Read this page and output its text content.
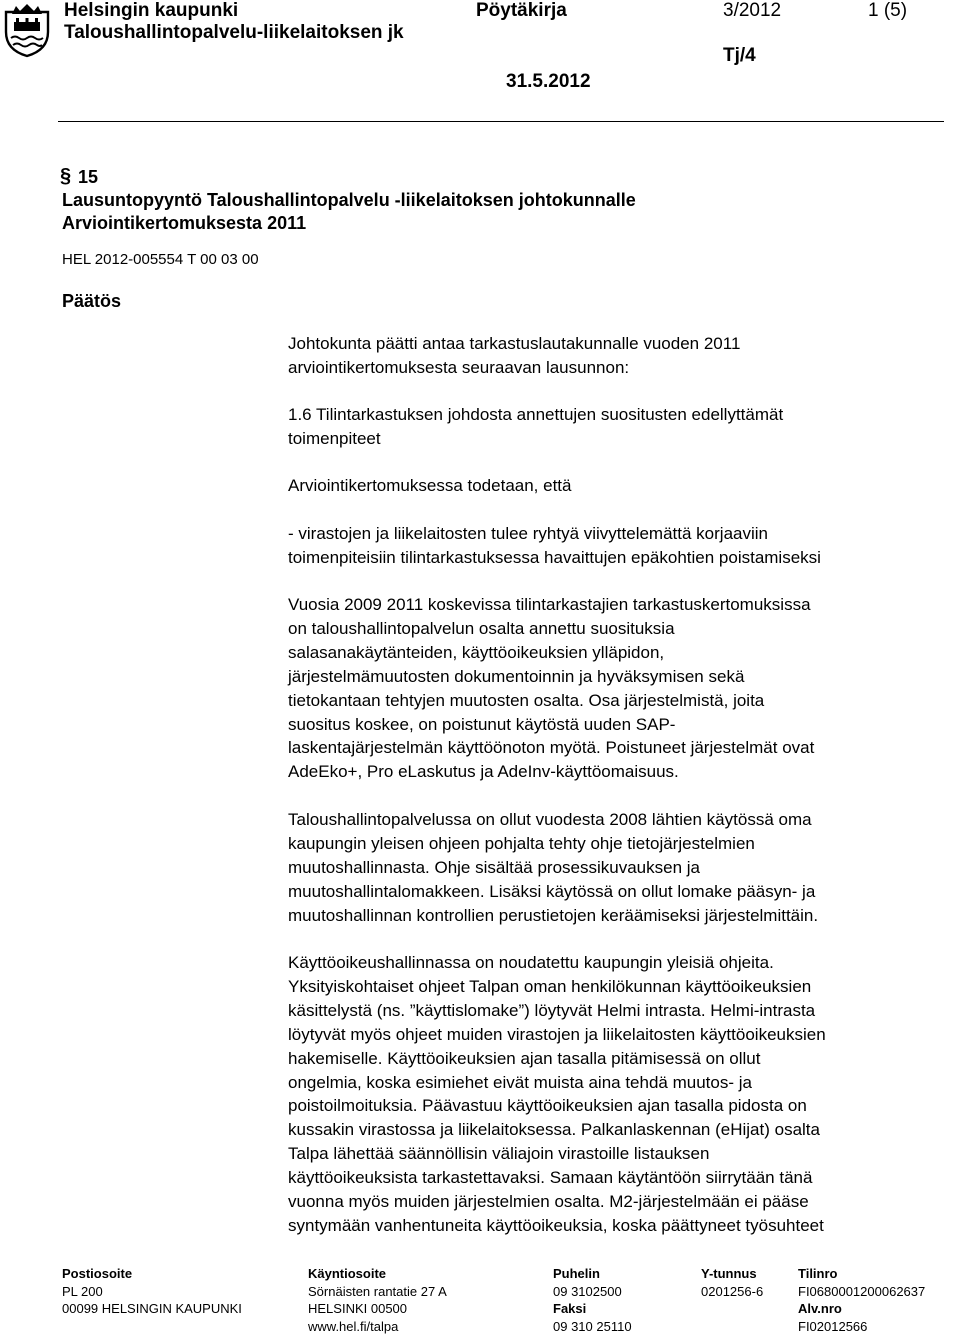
Helsingin kaupunki
Taloushallintopalvelu-liikelaitoksen jk
Pöytäkirja	3/2012	1 (5)
Tj/4
31.5.2012
§ 15
Lausuntopyyntö Taloushallintopalvelu -liikelaitoksen johtokunnalle
Arviointikertomuksesta 2011
HEL 2012-005554 T 00 03 00
Päätös
Johtokunta päätti antaa tarkastuslautakunnalle vuoden 2011
arviointikertomuksesta seuraavan lausunnon:
1.6 Tilintarkastuksen johdosta annettujen suositusten edellyttämät
toimenpiteet
Arviointikertomuksessa todetaan, että
- virastojen ja liikelaitosten tulee ryhtyä viivyttelemättä korjaaviin
toimenpiteisiin tilintarkastuksessa havaittujen epäkohtien poistamiseksi
Vuosia 2009 2011 koskevissa tilintarkastajien tarkastuskertomuksissa
on taloushallintopalvelun osalta annettu suosituksia
salasanakäytänteiden, käyttöoikeuksien ylläpidon,
järjestelmämuutosten dokumentoinnin ja hyväksymisen sekä
tietokantaan tehtyjen muutosten osalta. Osa järjestelmistä, joita
suositus koskee, on poistunut käytöstä uuden SAP-
laskentajärjestelmän käyttöönoton myötä. Poistuneet järjestelmät ovat
AdeEko+, Pro eLaskutus ja AdeInv-käyttöomaisuus.
Taloushallintopalvelussa on ollut vuodesta 2008 lähtien käytössä oma
kaupungin yleisen ohjeen pohjalta tehty ohje tietojärjestelmien
muutoshallinnasta. Ohje sisältää prosessikuvauksen ja
muutoshallintalomakkeen. Lisäksi käytössä on ollut lomake pääsyn- ja
muutoshallinnan kontrollien perustietojen keräämiseksi järjestelmittäin.
Käyttöoikeushallinnassa on noudatettu kaupungin yleisiä ohjeita.
Yksityiskohtaiset ohjeet Talpan oman henkilökunnan käyttöoikeuksien
käsittelystä (ns. ”käyttislomake”) löytyvät Helmi intrasta. Helmi-intrasta
löytyvät myös ohjeet muiden virastojen ja liikelaitosten käyttöoikeuksien
hakemiselle. Käyttöoikeuksien ajan tasalla pitämisessä on ollut
ongelmia, koska esimiehet eivät muista aina tehdä muutos- ja
poistoilmoituksia. Päävastuu käyttöoikeuksien ajan tasalla pidosta on
kussakin virastossa ja liikelaitoksessa. Palkanlaskennan (eHijat) osalta
Talpa lähettää säännöllisin väliajoin virastoille listauksen
käyttöoikeuksista tarkastettavaksi. Samaan käytäntöön siirrytään tänä
vuonna myös muiden järjestelmien osalta. M2-järjestelmään ei pääse
syntymään vanhentuneita käyttöoikeuksia, koska päättyneet työsuhteet
Postiosoite
PL 200
00099 HELSINGIN KAUPUNKI
Käyntiosoite
Sörnäisten rantatie 27 A
HELSINKI 00500
www.hel.fi/talpa
Puhelin
09 3102500
Faksi
09 310 25110
Y-tunnus
0201256-6
Tilinro
FI0680001200062637
Alv.nro
FI02012566
